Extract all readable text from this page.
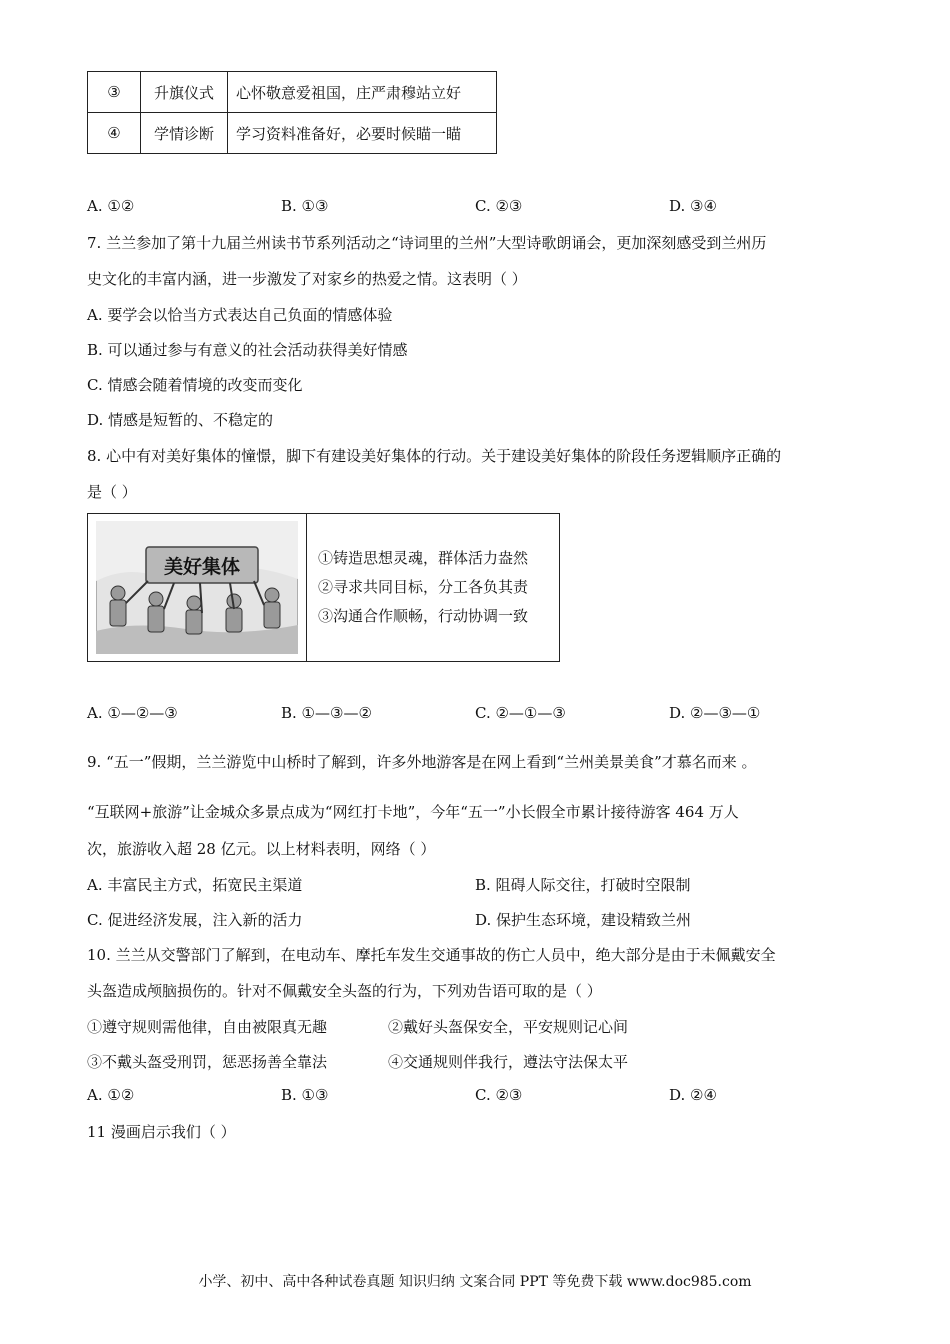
③	升旗仪式	心怀敬意爱祖国，庄严肃穆站立好
④	学情诊断	学习资料准备好，必要时候瞄一瞄
A. ①②	B. ①③	C. ②③	D. ③④
7. 兰兰参加了第十九届兰州读书节系列活动之“诗词里的兰州”大型诗歌朗诵会，更加深刻感受到兰州历
史文化的丰富内涵，进一步激发了对家乡的热爱之情。这表明（ ）
A. 要学会以恰当方式表达自己负面的情感体验
B. 可以通过参与有意义的社会活动获得美好情感
C. 情感会随着情境的改变而变化
D. 情感是短暂的、不稳定的
8. 心中有对美好集体的憧憬，脚下有建设美好集体的行动。关于建设美好集体的阶段任务逻辑顺序正确的
是（ ）
美好集体	①铸造思想灵魂，群体活力盎然
②寻求共同目标，分工各负其责
③沟通合作顺畅，行动协调一致
A. ①—②—③	B. ①—③—②	C. ②—①—③	D. ②—③—①
9. “五一”假期，兰兰游览中山桥时了解到，许多外地游客是在网上看到“兰州美景美食”才慕名而来 。
“互联网+旅游”让金城众多景点成为“网红打卡地”，今年“五一”小长假全市累计接待游客 464 万人
次，旅游收入超 28 亿元。以上材料表明，网络（ ）
A. 丰富民主方式，拓宽民主渠道	B. 阻碍人际交往，打破时空限制
C. 促进经济发展，注入新的活力	D. 保护生态环境，建设精致兰州
10. 兰兰从交警部门了解到，在电动车、摩托车发生交通事故的伤亡人员中，绝大部分是由于未佩戴安全
头盔造成颅脑损伤的。针对不佩戴安全头盔的行为，下列劝告语可取的是（ ）
①遵守规则需他律，自由被限真无趣	②戴好头盔保安全，平安规则记心间
③不戴头盔受刑罚，惩恶扬善全靠法	④交通规则伴我行，遵法守法保太平
A. ①②	B. ①③	C. ②③	D. ②④
11 漫画启示我们（ ）
小学、初中、高中各种试卷真题 知识归纳 文案合同 PPT 等免费下载 www.doc985.com
